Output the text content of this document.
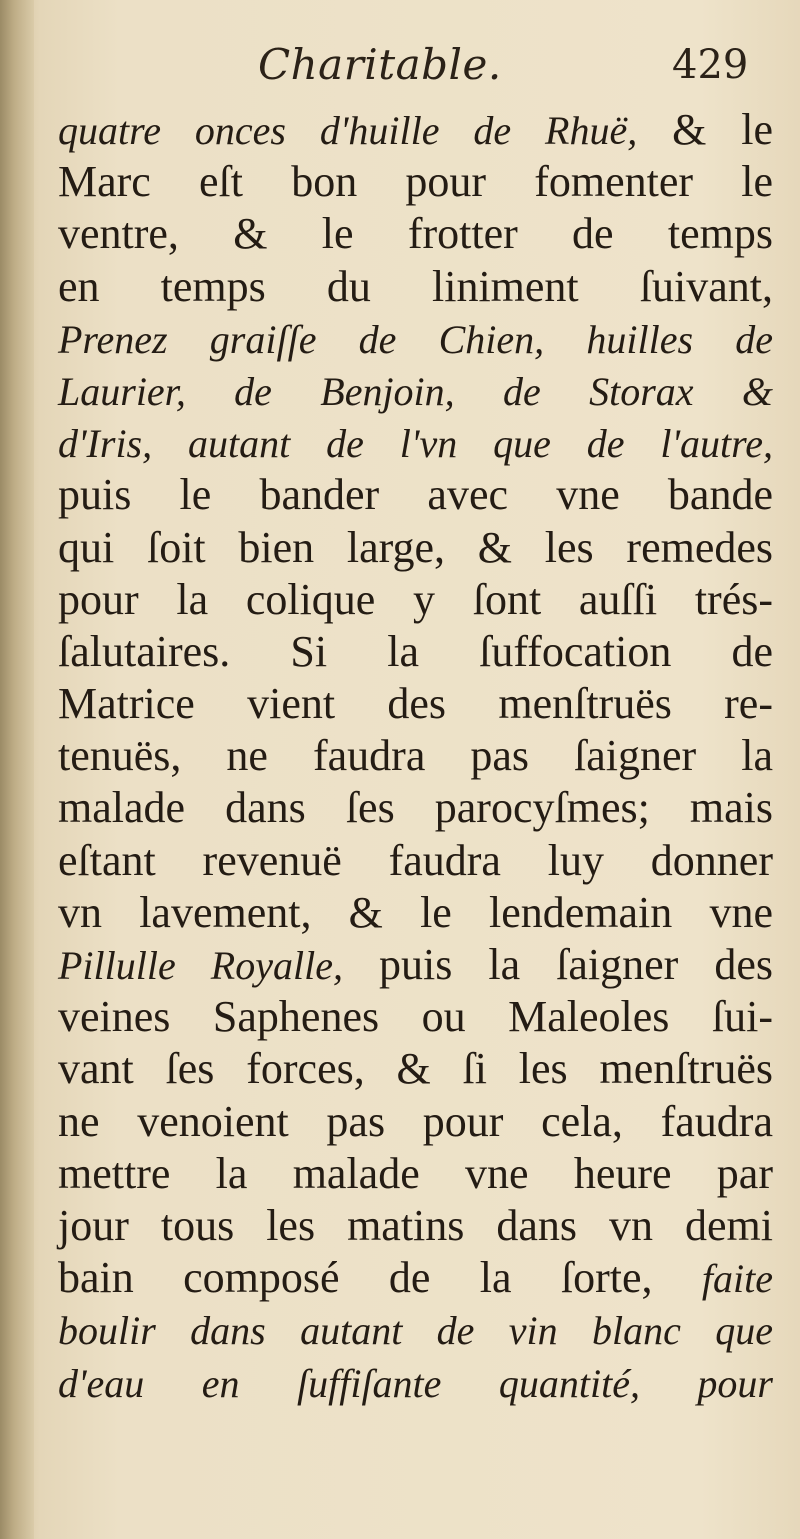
Charitable.	429
quatre onces d'huille de Rhuë, & le
Marc eſt bon pour fomenter le
ventre, & le frotter de temps
en temps du liniment ſuivant,
Prenez graiſſe de Chien, huilles de
Laurier, de Benjoin, de Storax &
d'Iris, autant de l'vn que de l'autre,
puis le bander avec vne bande
qui ſoit bien large, & les remedes
pour la colique y ſont auſſi trés-
ſalutaires. Si la ſuffocation de
Matrice vient des menſtruës re-
tenuës, ne faudra pas ſaigner la
malade dans ſes parocyſmes; mais
eſtant revenuë faudra luy donner
vn lavement, & le lendemain vne
Pillulle Royalle, puis la ſaigner des
veines Saphenes ou Maleoles ſui-
vant ſes forces, & ſi les menſtruës
ne venoient pas pour cela, faudra
mettre la malade vne heure par
jour tous les matins dans vn demi
bain composé de la ſorte, faite
boulir dans autant de vin blanc que
d'eau en ſuffiſante quantité, pour
